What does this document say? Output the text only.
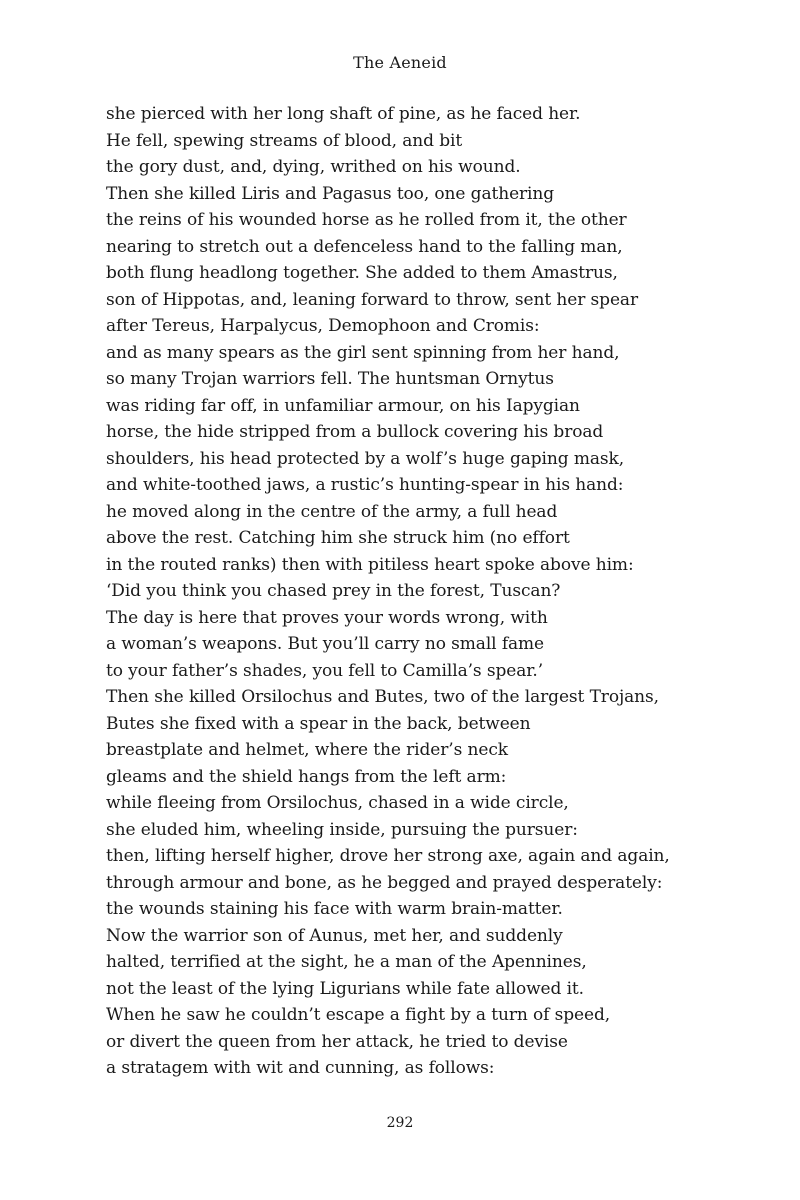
The Aeneid
she pierced with her long shaft of pine, as he faced her.
He fell, spewing streams of blood, and bit
the gory dust, and, dying, writhed on his wound.
Then she killed Liris and Pagasus too, one gathering
the reins of his wounded horse as he rolled from it, the other
nearing to stretch out a defenceless hand to the falling man,
both flung headlong together. She added to them Amastrus,
son of Hippotas, and, leaning forward to throw, sent her spear
after Tereus, Harpalycus, Demophoon and Cromis:
and as many spears as the girl sent spinning from her hand,
so many Trojan warriors fell. The huntsman Ornytus
was riding far off, in unfamiliar armour, on his Iapygian
horse, the hide stripped from a bullock covering his broad
shoulders, his head protected by a wolf’s huge gaping mask,
and white-toothed jaws, a rustic’s hunting-spear in his hand:
he moved along in the centre of the army, a full head
above the rest. Catching him she struck him (no effort
in the routed ranks) then with pitiless heart spoke above him:
‘Did you think you chased prey in the forest, Tuscan?
The day is here that proves your words wrong, with
a woman’s weapons. But you’ll carry no small fame
to your father’s shades, you fell to Camilla’s spear.’
Then she killed Orsilochus and Butes, two of the largest Trojans,
Butes she fixed with a spear in the back, between
breastplate and helmet, where the rider’s neck
gleams and the shield hangs from the left arm:
while fleeing from Orsilochus, chased in a wide circle,
she eluded him, wheeling inside, pursuing the pursuer:
then, lifting herself higher, drove her strong axe, again and again,
through armour and bone, as he begged and prayed desperately:
the wounds staining his face with warm brain-matter.
Now the warrior son of Aunus, met her, and suddenly
halted, terrified at the sight, he a man of the Apennines,
not the least of the lying Ligurians while fate allowed it.
When he saw he couldn’t escape a fight by a turn of speed,
or divert the queen from her attack, he tried to devise
a stratagem with wit and cunning, as follows:
292
